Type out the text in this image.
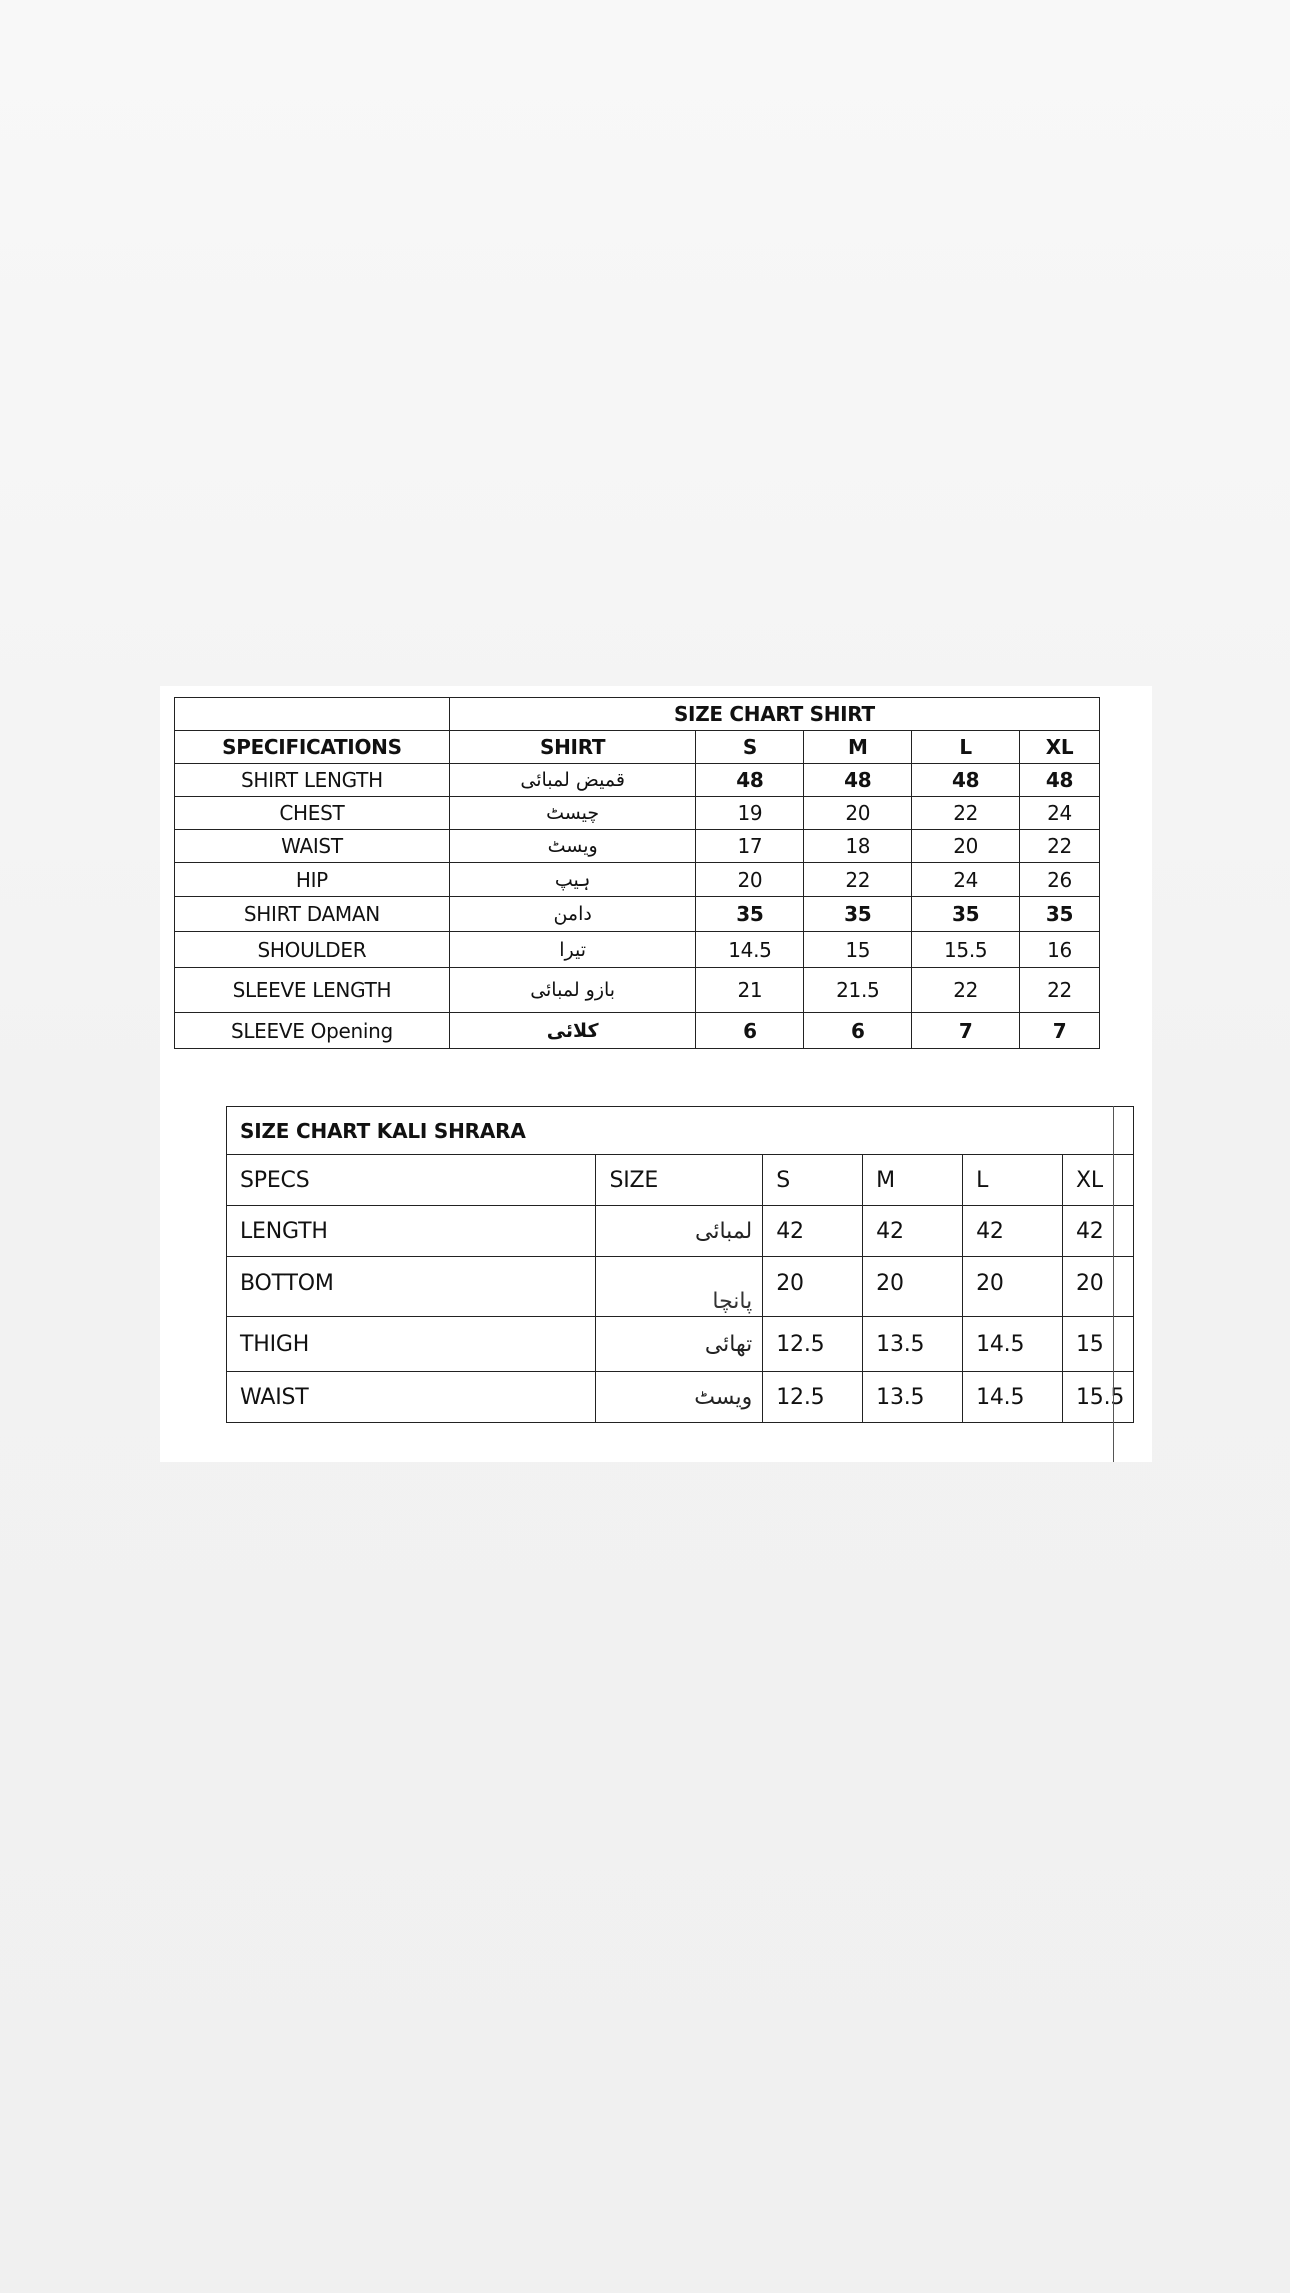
	SIZE CHART SHIRT				
SPECIFICATIONS	SHIRT	S	M	L	XL
SHIRT LENGTH	قمیض لمبائی	48	48	48	48
CHEST	چیسٹ	19	20	22	24
WAIST	ویسٹ	17	18	20	22
HIP	ہیپ	20	22	24	26
SHIRT DAMAN	دامن	35	35	35	35
SHOULDER	تیرا	14.5	15	15.5	16
SLEEVE LENGTH	بازو لمبائی	21	21.5	22	22
SLEEVE Opening	کلائی	6	6	7	7
SIZE CHART KALI SHRARA					
SPECS	SIZE	S	M	L	XL
LENGTH	لمبائی	42	42	42	42
BOTTOM	پانچا	20	20	20	20
THIGH	تھائی	12.5	13.5	14.5	15
WAIST	ویسٹ	12.5	13.5	14.5	15.5
